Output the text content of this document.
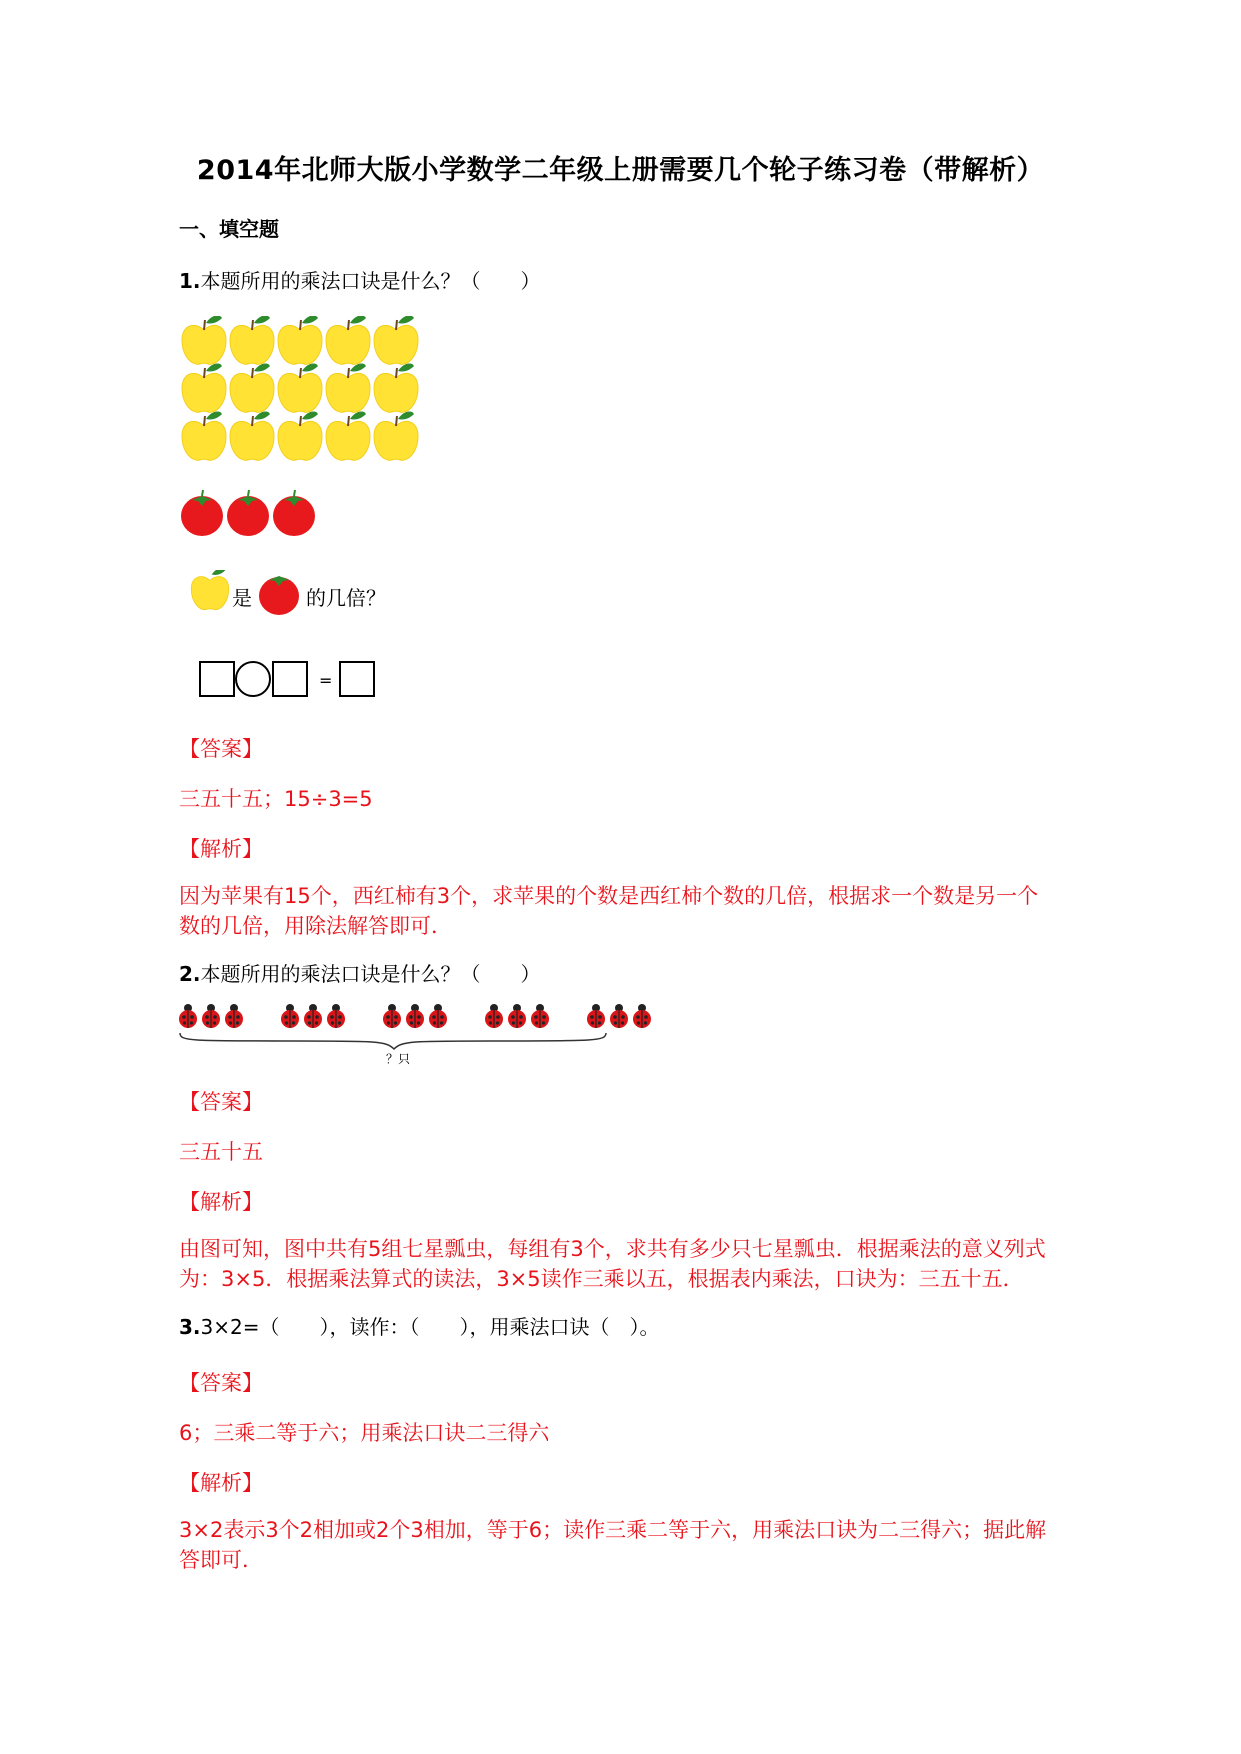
2014年北师大版小学数学二年级上册需要几个轮子练习卷（带解析）
一、填空题
1.本题所用的乘法口诀是什么？（　　）
是	的几倍？
=
【答案】
三五十五；15÷3=5
【解析】
因为苹果有15个，西红柿有3个，求苹果的个数是西红柿个数的几倍，根据求一个数是另一个数的几倍，用除法解答即可．
2.本题所用的乘法口诀是什么？（　　）
？只
【答案】
三五十五
【解析】
由图可知，图中共有5组七星瓢虫，每组有3个，求共有多少只七星瓢虫．根据乘法的意义列式为：3×5．根据乘法算式的读法，3×5读作三乘以五，根据表内乘法，口诀为：三五十五．
3.3×2=（　　），读作：（　　），用乘法口诀（　）。
【答案】
6；三乘二等于六；用乘法口诀二三得六
【解析】
3×2表示3个2相加或2个3相加，等于6；读作三乘二等于六，用乘法口诀为二三得六；据此解答即可．
